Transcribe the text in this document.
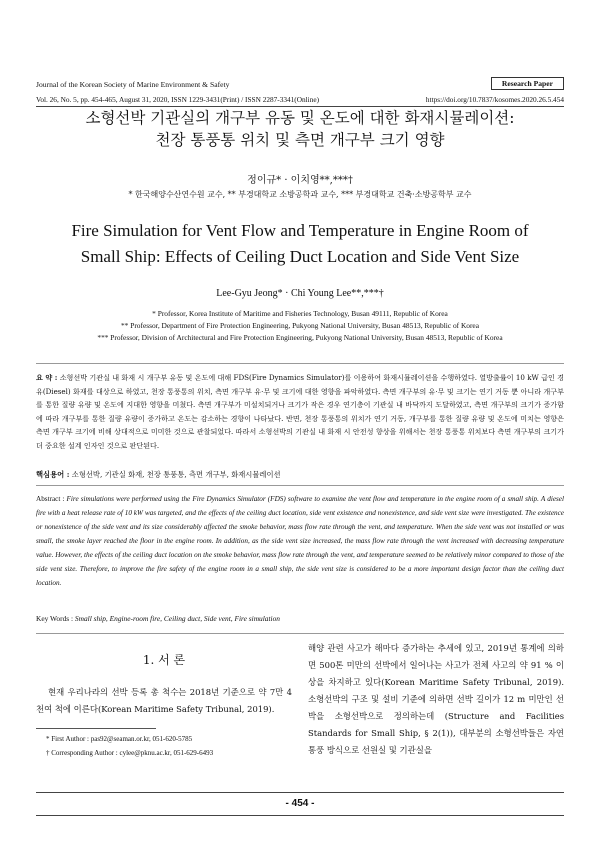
Journal of the Korean Society of Marine Environment & Safety	Research Paper
Vol. 26, No. 5, pp. 454-465, August 31, 2020, ISSN 1229-3431(Print) / ISSN 2287-3341(Online)	https://doi.org/10.7837/kosomes.2020.26.5.454
소형선박 기관실의 개구부 유동 및 온도에 대한 화재시뮬레이션:
천장 통풍통 위치 및 측면 개구부 크기 영향
정이규* · 이치영**,***†
* 한국해양수산연수원 교수, ** 부경대학교 소방공학과 교수, *** 부경대학교 건축·소방공학부 교수
Fire Simulation for Vent Flow and Temperature in Engine Room of
Small Ship: Effects of Ceiling Duct Location and Side Vent Size
Lee-Gyu Jeong* · Chi Young Lee**,***†
* Professor, Korea Institute of Maritime and Fisheries Technology, Busan 49111, Republic of Korea
** Professor, Department of Fire Protection Engineering, Pukyong National University, Busan 48513, Republic of Korea
*** Professor, Division of Architectural and Fire Protection Engineering, Pukyong National University, Busan 48513, Republic of Korea
요 약 : 소형선박 기관실 내 화재 시 개구부 유동 및 온도에 대해 FDS(Fire Dynamics Simulator)를 이용하여 화재시뮬레이션을 수행하였다. 열방출률이 10 kW 급인 경유(Diesel) 화재를 대상으로 하였고, 천장 통풍통의 위치, 측면 개구부 유·무 및 크기에 대한 영향을 파악하였다. 측면 개구부의 유·무 및 크기는 연기 거동 뿐 아니라 개구부를 통한 질량 유량 및 온도에 지대한 영향을 미쳤다. 측면 개구부가 미설치되거나 크기가 작은 경우 연기층이 기관실 내 바닥까지 도달하였고, 측면 개구부의 크기가 증가함에 따라 개구부를 통한 질량 유량이 증가하고 온도는 감소하는 경향이 나타났다. 반면, 천장 통풍통의 위치가 연기 거동, 개구부를 통한 질량 유량 및 온도에 미치는 영향은 측면 개구부 크기에 비해 상대적으로 미미한 것으로 관찰되었다. 따라서 소형선박의 기관실 내 화재 시 안전성 향상을 위해서는 천장 통풍통 위치보다 측면 개구부의 크기가 더 중요한 설계 인자인 것으로 판단된다.
핵심용어 : 소형선박, 기관실 화재, 천장 통풍통, 측면 개구부, 화재시뮬레이션
Abstract : Fire simulations were performed using the Fire Dynamics Simulator (FDS) software to examine the vent flow and temperature in the engine room of a small ship. A diesel fire with a heat release rate of 10 kW was targeted, and the effects of the ceiling duct location, side vent existence and nonexistence, and side vent size were investigated. The existence or nonexistence of the side vent and its size considerably affected the smoke behavior, mass flow rate through the vent, and temperature. When the side vent was not installed or was small, the smoke layer reached the floor in the engine room. In addition, as the side vent size increased, the mass flow rate through the vent increased with decreasing temperature value. However, the effects of the ceiling duct location on the smoke behavior, mass flow rate through the vent, and temperature seemed to be relatively minor compared to those of the side vent size. Therefore, to improve the fire safety of the engine room in a small ship, the side vent size is considered to be a more important design factor than the ceiling duct location.
Key Words : Small ship, Engine-room fire, Ceiling duct, Side vent, Fire simulation
1. 서 론
현재 우리나라의 선박 등록 총 척수는 2018년 기준으로 약 7만 4천여 척에 이른다(Korean Maritime Safety Tribunal, 2019).
해양 관련 사고가 해마다 증가하는 추세에 있고, 2019년 통계에 의하면 500톤 미만의 선박에서 일어나는 사고가 전체 사고의 약 91 % 이상을 차지하고 있다(Korean Maritime Safety Tribunal, 2019). 소형선박의 구조 및 설비 기준에 의하면 선박 길이가 12 m 미만인 선박을 소형선박으로 정의하는데 (Structure and Facilities Standards for Small Ship, § 2(1)), 대부분의 소형선박들은 자연 통풍 방식으로 선원실 및 기관실을
* First Author : pas92@seaman.or.kr, 051-620-5785
† Corresponding Author : cylee@pknu.ac.kr, 051-629-6493
- 454 -
